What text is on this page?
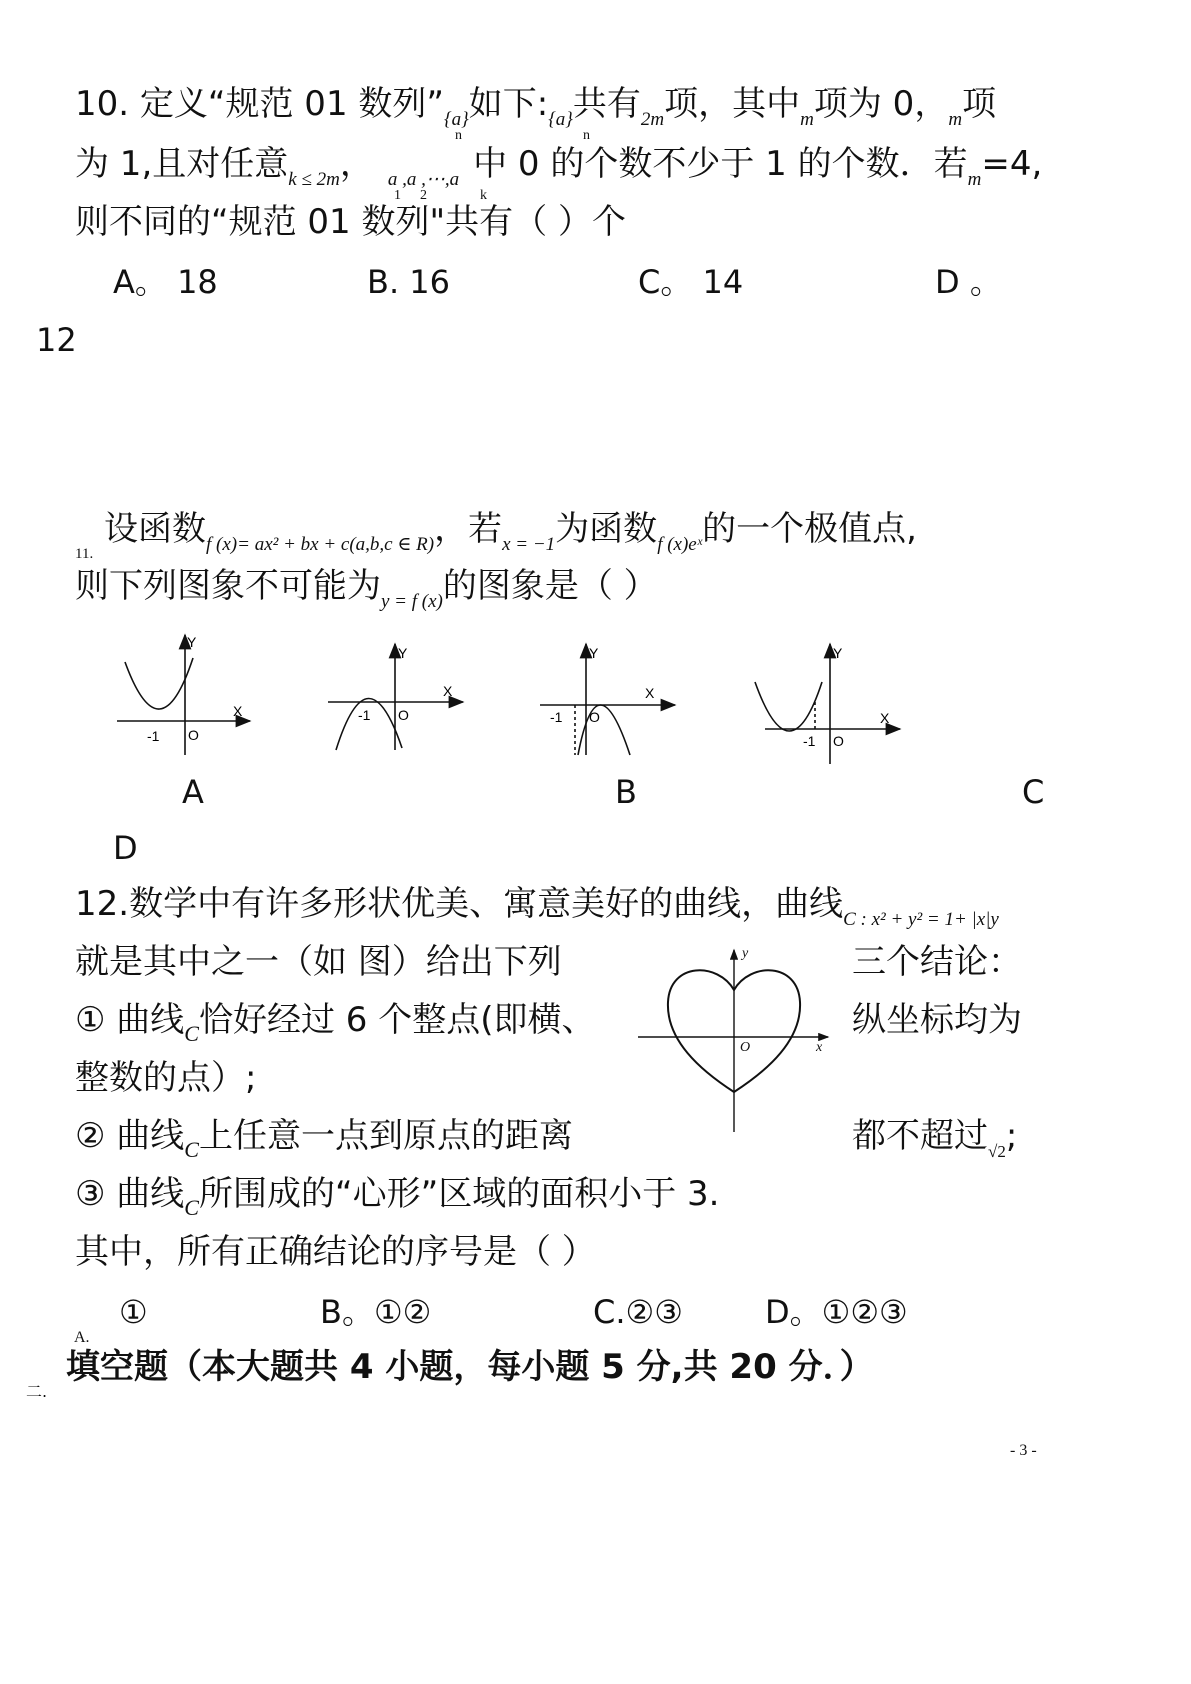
10. 定义“规范 01 数列$”_{\{a\}}$如下$:_{\{a\}}$共有$_{2m}$项，其中$_m$项为 0，$_m$项
n	n
为 1,且对任意$_{k \le 2m}$， $_{a ,a ,\cdots,a}$ 中 0 的个数不少于 1 的个数．若$_m$=4,
1 2	k
则不同的“规范 01 数列"共有（ ）个
A。 18	B. 16	C。 14	D 。
12
$_{11.}$ 设函数$_{f (x)= ax^2 + bx + c(a,b,c \in R)}$，若$_{x = -1}$为函数$_{f (x)eˣ}$的一个极值点,
则下列图象不可能为$_{y = f (x)}$的图象是（ ）
X
Y
O
-1
X
Y
O
-1
X
Y
O
-1	X
Y
O
-1
A	B	C
D
12.数学中有许多形状优美、寓意美好的曲线，曲线$_{C : x^2 + y^2 = 1+ |x|y}$
就是其中之一（如 图）给出下列	三个结论：
① 曲线$_C$恰好经过 6 个整点(即横、	纵坐标均为
整数的点）;
② 曲线$_C$上任意一点到原点的距离	都不超过$_{√2}$;
③ 曲线$_C$所围成的“心形”区域的面积小于 3.
其中，所有正确结论的序号是（ ）
y
x
O
A.
①	B。①②	C.②③	D。①②③
二.
填空题（本大题共 4 小题，每小题 5 分,共 20 分．）
- 3 -
